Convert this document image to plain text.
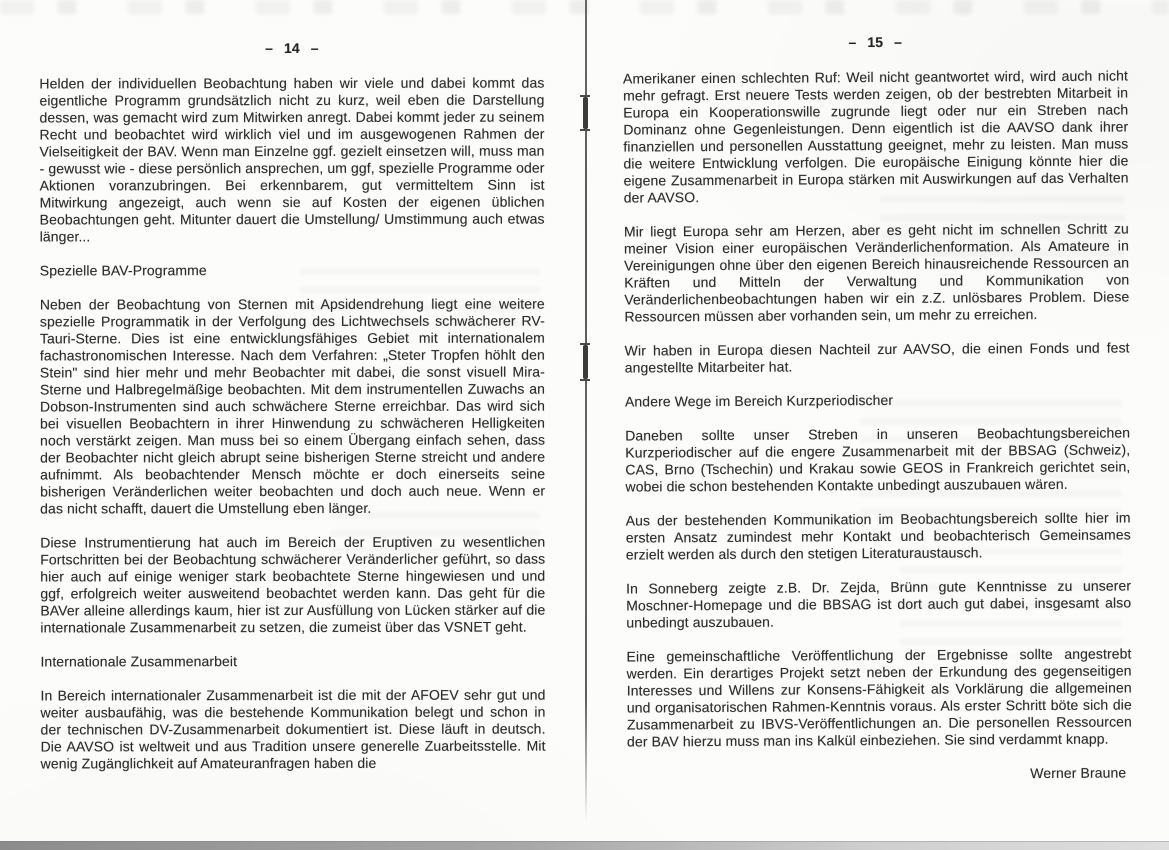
– 14 –

Helden der individuellen Beobachtung haben wir viele und dabei kommt das eigentliche Programm grundsätzlich nicht zu kurz, weil eben die Darstellung dessen, was gemacht wird zum Mitwirken anregt. Dabei kommt jeder zu seinem Recht und beobachtet wird wirklich viel und im ausgewogenen Rahmen der Vielseitigkeit der BAV. Wenn man Einzelne ggf. gezielt einsetzen will, muss man - gewusst wie - diese persönlich ansprechen, um ggf, spezielle Programme oder Aktionen voranzubringen. Bei erkennbarem, gut vermitteltem Sinn ist Mitwirkung angezeigt, auch wenn sie auf Kosten der eigenen üblichen Beobachtungen geht. Mitunter dauert die Umstellung/ Umstimmung auch etwas länger...

Spezielle BAV-Programme

Neben der Beobachtung von Sternen mit Apsidendrehung liegt eine weitere spezielle Programmatik in der Verfolgung des Lichtwechsels schwächerer RV-Tauri-Sterne. Dies ist eine entwicklungsfähiges Gebiet mit internationalem fachastronomischen Interesse. Nach dem Verfahren: „Steter Tropfen höhlt den Stein" sind hier mehr und mehr Beobachter mit dabei, die sonst visuell Mira-Sterne und Halbregelmäßige beobachten. Mit dem instrumentellen Zuwachs an Dobson-Instrumenten sind auch schwächere Sterne erreichbar. Das wird sich bei visuellen Beobachtern in ihrer Hinwendung zu schwächeren Helligkeiten noch verstärkt zeigen. Man muss bei so einem Übergang einfach sehen, dass der Beobachter nicht gleich abrupt seine bisherigen Sterne streicht und andere aufnimmt. Als beobachtender Mensch möchte er doch einerseits seine bisherigen Veränderlichen weiter beobachten und doch auch neue. Wenn er das nicht schafft, dauert die Umstellung eben länger.

Diese Instrumentierung hat auch im Bereich der Eruptiven zu wesentlichen Fortschritten bei der Beobachtung schwächerer Veränderlicher geführt, so dass hier auch auf einige weniger stark beobachtete Sterne hingewiesen und und ggf, erfolgreich weiter ausweitend beobachtet werden kann. Das geht für die BAVer alleine allerdings kaum, hier ist zur Ausfüllung von Lücken stärker auf die internationale Zusammenarbeit zu setzen, die zumeist über das VSNET geht.

Internationale Zusammenarbeit

In Bereich internationaler Zusammenarbeit ist die mit der AFOEV sehr gut und weiter ausbaufähig, was die bestehende Kommunikation belegt und schon in der technischen DV-Zusammenarbeit dokumentiert ist. Diese läuft in deutsch. Die AAVSO ist weltweit und aus Tradition unsere generelle Zuarbeitsstelle. Mit wenig Zugänglichkeit auf Amateuranfragen haben die

– 15 –

Amerikaner einen schlechten Ruf: Weil nicht geantwortet wird, wird auch nicht mehr gefragt. Erst neuere Tests werden zeigen, ob der bestrebten Mitarbeit in Europa ein Kooperationswille zugrunde liegt oder nur ein Streben nach Dominanz ohne Gegenleistungen. Denn eigentlich ist die AAVSO dank ihrer finanziellen und personellen Ausstattung geeignet, mehr zu leisten. Man muss die weitere Entwicklung verfolgen. Die europäische Einigung könnte hier die eigene Zusammenarbeit in Europa stärken mit Auswirkungen auf das Verhalten der AAVSO.

Mir liegt Europa sehr am Herzen, aber es geht nicht im schnellen Schritt zu meiner Vision einer europäischen Veränderlichenformation. Als Amateure in Vereinigungen ohne über den eigenen Bereich hinausreichende Ressourcen an Kräften und Mitteln der Verwaltung und Kommunikation von Veränderlichenbeobachtungen haben wir ein z.Z. unlösbares Problem. Diese Ressourcen müssen aber vorhanden sein, um mehr zu erreichen.

Wir haben in Europa diesen Nachteil zur AAVSO, die einen Fonds und fest angestellte Mitarbeiter hat.

Andere Wege im Bereich Kurzperiodischer

Daneben sollte unser Streben in unseren Beobachtungsbereichen Kurzperiodischer auf die engere Zusammenarbeit mit der BBSAG (Schweiz), CAS, Brno (Tschechin) und Krakau sowie GEOS in Frankreich gerichtet sein, wobei die schon bestehenden Kontakte unbedingt auszubauen wären.

Aus der bestehenden Kommunikation im Beobachtungsbereich sollte hier im ersten Ansatz zumindest mehr Kontakt und beobachterisch Gemeinsames erzielt werden als durch den stetigen Literaturaustausch.

In Sonneberg zeigte z.B. Dr. Zejda, Brünn gute Kenntnisse zu unserer Moschner-Homepage und die BBSAG ist dort auch gut dabei, insgesamt also unbedingt auszubauen.

Eine gemeinschaftliche Veröffentlichung der Ergebnisse sollte angestrebt werden. Ein derartiges Projekt setzt neben der Erkundung des gegenseitigen Interesses und Willens zur Konsens-Fähigkeit als Vorklärung die allgemeinen und organisatorischen Rahmen-Kenntnis voraus. Als erster Schritt böte sich die Zusammenarbeit zu IBVS-Veröffentlichungen an. Die personellen Ressourcen der BAV hierzu muss man ins Kalkül einbeziehen. Sie sind verdammt knapp.

Werner Braune
